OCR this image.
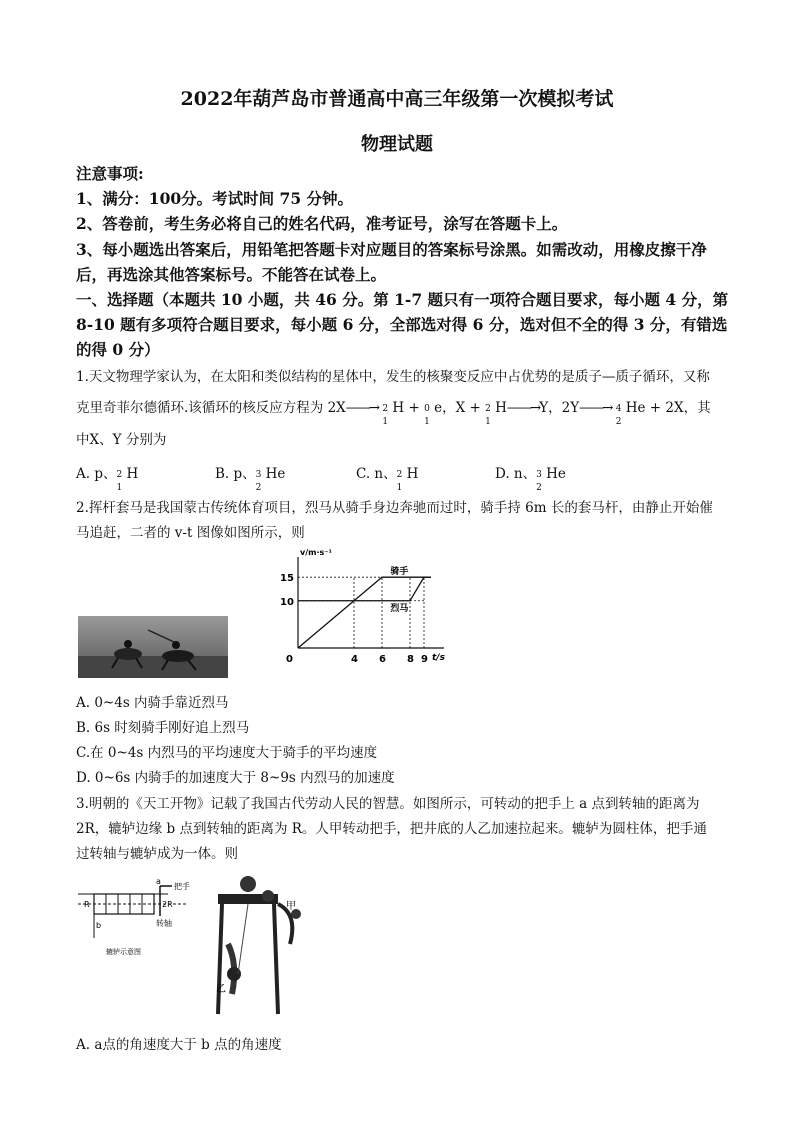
2022年葫芦岛市普通高中高三年级第一次模拟考试
物理试题
注意事项:
1、满分：100分。考试时间 75 分钟。
2、答卷前，考生务必将自己的姓名代码，准考证号，涂写在答题卡上。
3、每小题选出答案后，用铅笔把答题卡对应题目的答案标号涂黑。如需改动，用橡皮擦干净
后，再选涂其他答案标号。不能答在试卷上。
一、选择题（本题共 10 小题，共 46 分。第 1-7 题只有一项符合题目要求，每小题 4 分，第
8-10 题有多项符合题目要求，每小题 6 分，全部选对得 6 分，选对但不全的得 3 分，有错选
的得 0 分）
1.天文物理学家认为，在太阳和类似结构的星体中，发生的核聚变反应中占优势的是质子—质子循环，又称
克里奇菲尔德循环.该循环的核反应方程为 2X——→ 2
1
H + 0
1
e，X + 2
1
H——→Y，2Y——→ 4
2
He + 2X，其
中X、Y 分别为
A. p、 2
1
H	B. p、 3
2
He	C. n、 2
1
H	D. n、 3
2
He
2.挥杆套马是我国蒙古传统体育项目，烈马从骑手身边奔驰而过时，骑手持 6m 长的套马杆，由静止开始催
马追赶，二者的 v-t 图像如图所示，则
v/m·s⁻¹
t/s
0	4 6 8 9
10
15
骑手
烈马
A. 0~4s 内骑手靠近烈马
B. 6s 时刻骑手刚好追上烈马
C.在 0~4s 内烈马的平均速度大于骑手的平均速度
D. 0~6s 内骑手的加速度大于 8~9s 内烈马的加速度
3.明朝的《天工开物》记载了我国古代劳动人民的智慧。如图所示，可转动的把手上 a 点到转轴的距离为
2R，辘轳边缘 b 点到转轴的距离为 R。人甲转动把手，把井底的人乙加速拉起来。辘轳为圆柱体，把手通
过转轴与辘轳成为一体。则
R	2R
a
b
把手
转轴
辘轳示意图
甲
乙
A. a点的角速度大于 b 点的角速度
